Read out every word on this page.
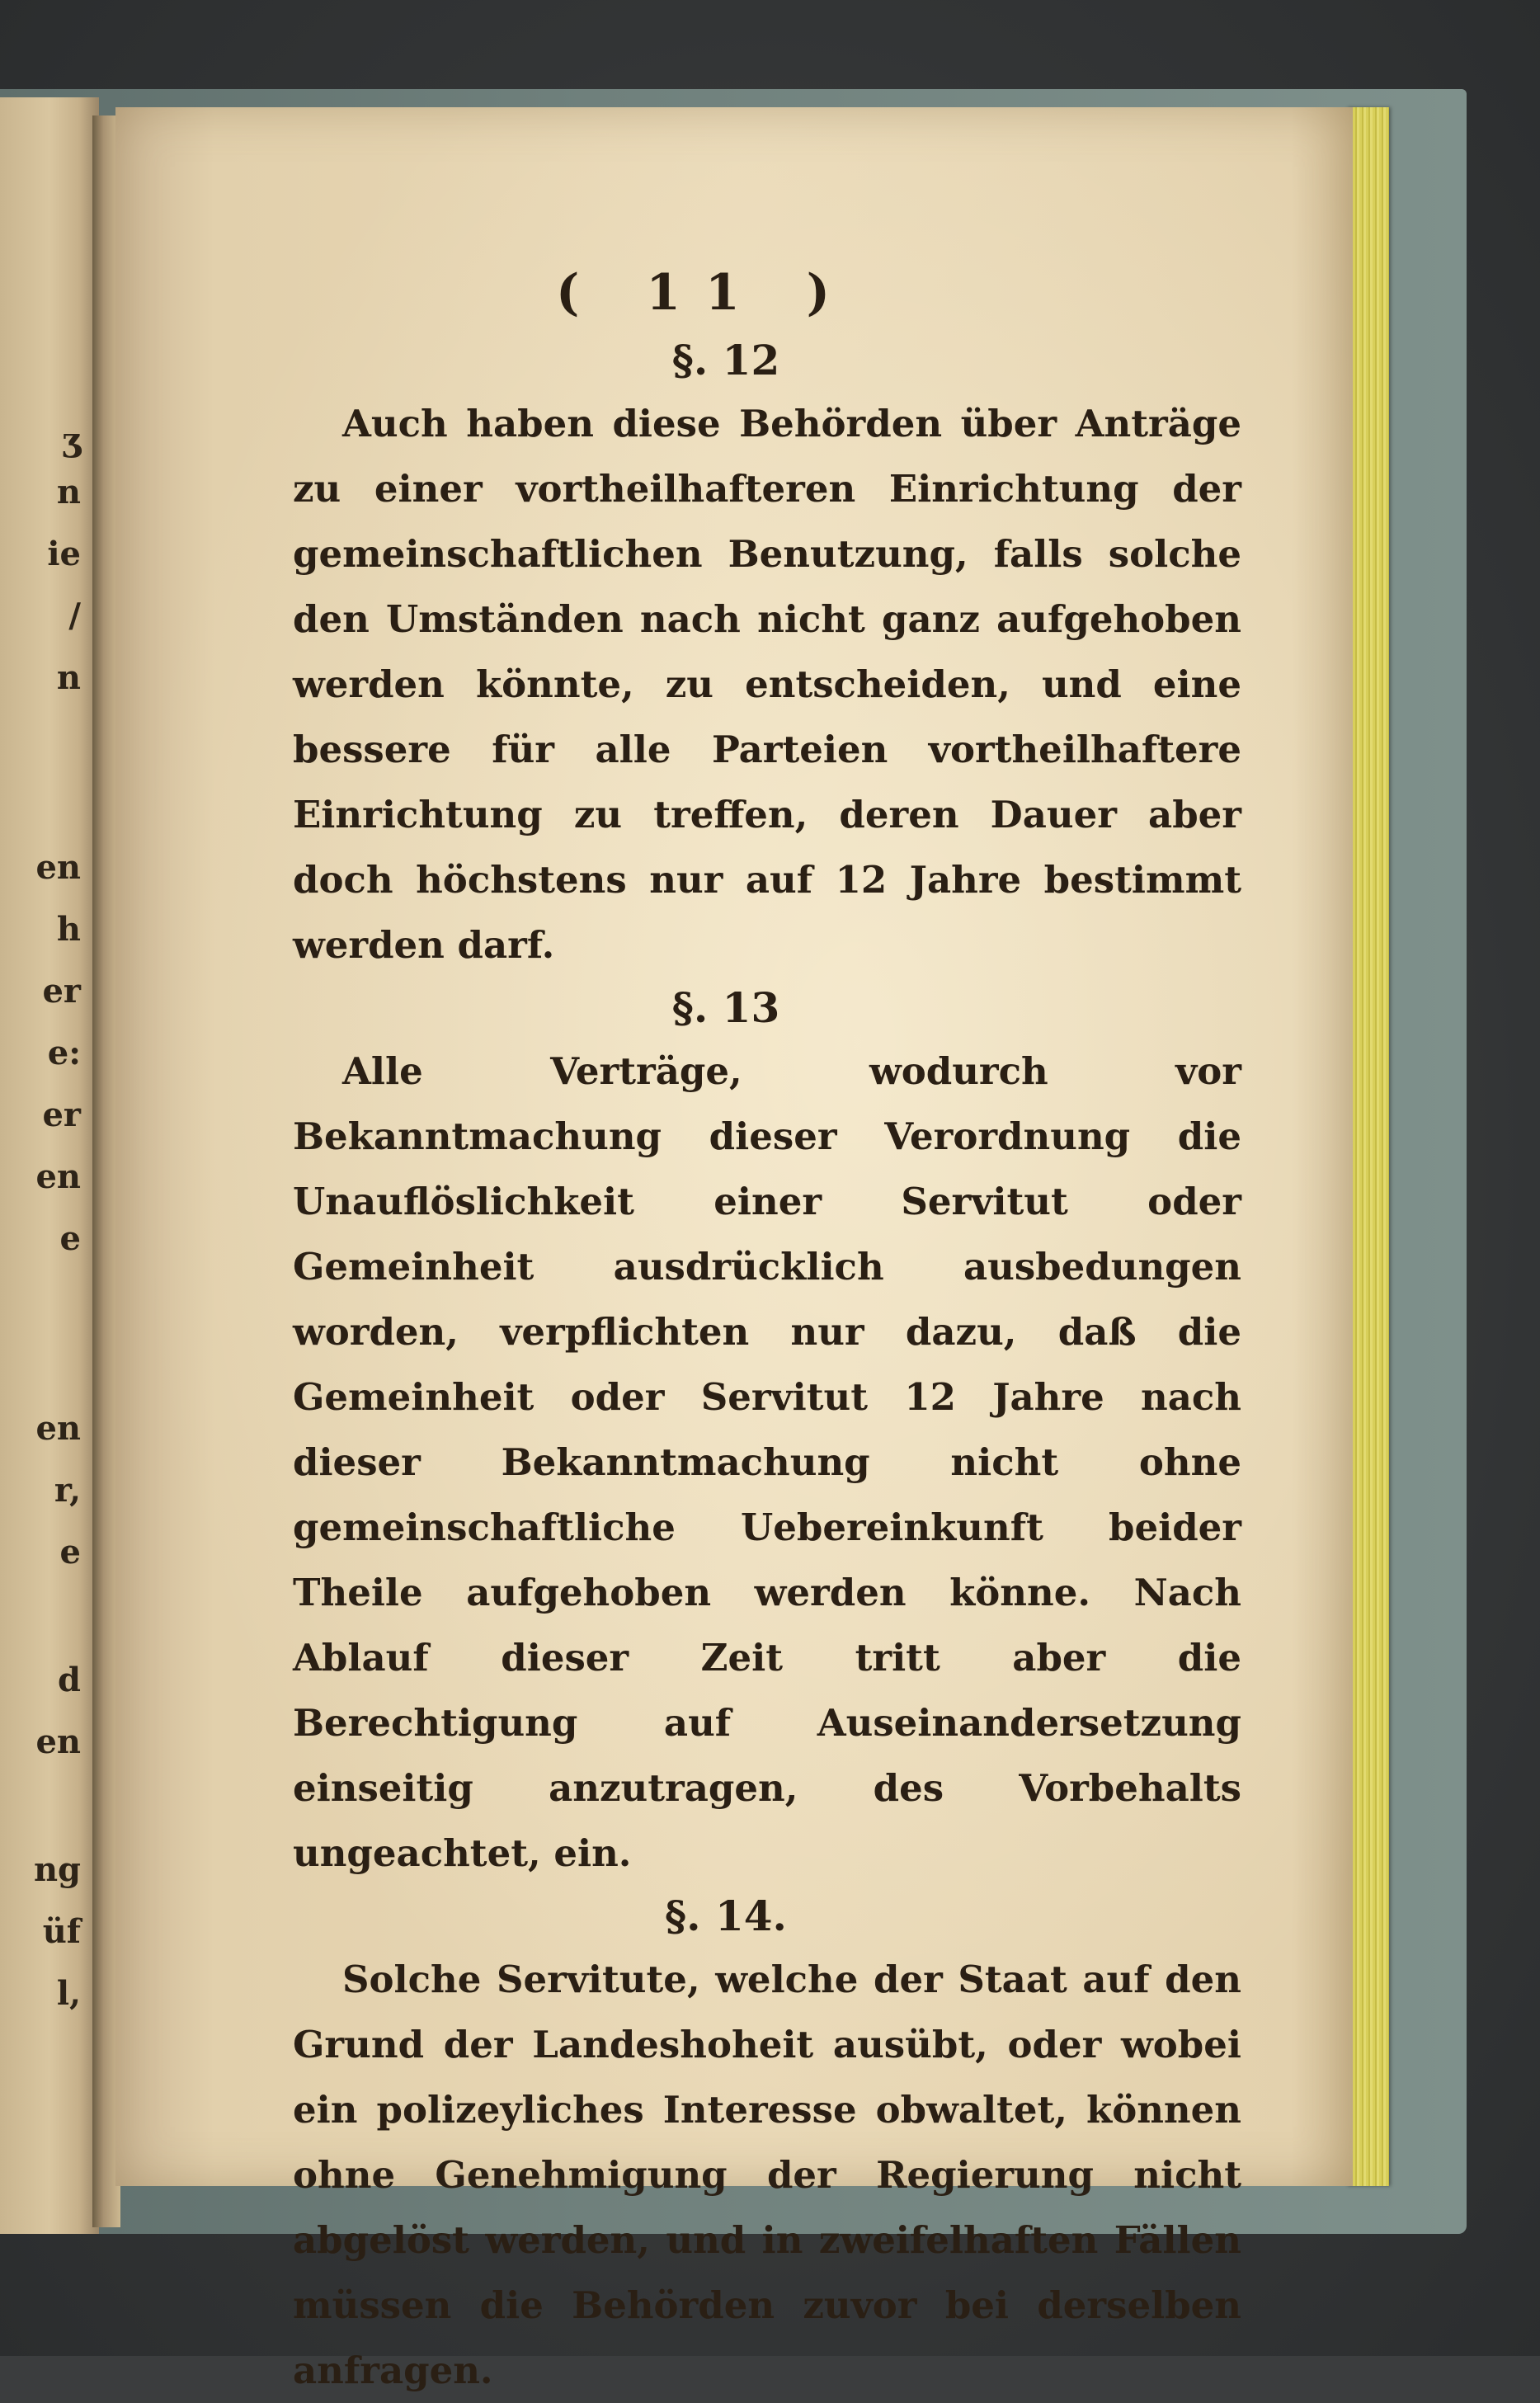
ʒ
n
ie
/
n
en
h
er
e:
er
en
e
en
r,
e
d
en
ng
üf
l,
( 11 )
§. 12

Auch haben diese Behörden über Anträge zu einer vortheilhafteren Einrichtung der gemeinschaftlichen Benutzung, falls solche den Umständen nach nicht ganz aufgehoben werden könnte, zu entscheiden, und eine bessere für alle Parteien vortheilhaftere Einrichtung zu treffen, deren Dauer aber doch höchstens nur auf 12 Jahre bestimmt werden darf.

§. 13

Alle Verträge, wodurch vor Bekanntmachung dieser Verordnung die Unauflöslichkeit einer Servitut oder Gemeinheit ausdrücklich ausbedungen worden, verpflichten nur dazu, daß die Gemeinheit oder Servitut 12 Jahre nach dieser Bekanntmachung nicht ohne gemeinschaftliche Uebereinkunft beider Theile aufgehoben werden könne. Nach Ablauf dieser Zeit tritt aber die Berechtigung auf Auseinandersetzung einseitig anzutragen, des Vorbehalts ungeachtet, ein.

§. 14.

Solche Servitute, welche der Staat auf den Grund der Landeshoheit ausübt, oder wobei ein polizeyliches Interesse obwaltet, können ohne Genehmigung der Regierung nicht abgelöst werden, und in zweifelhaften Fällen müssen die Behörden zuvor bei derselben anfragen.
